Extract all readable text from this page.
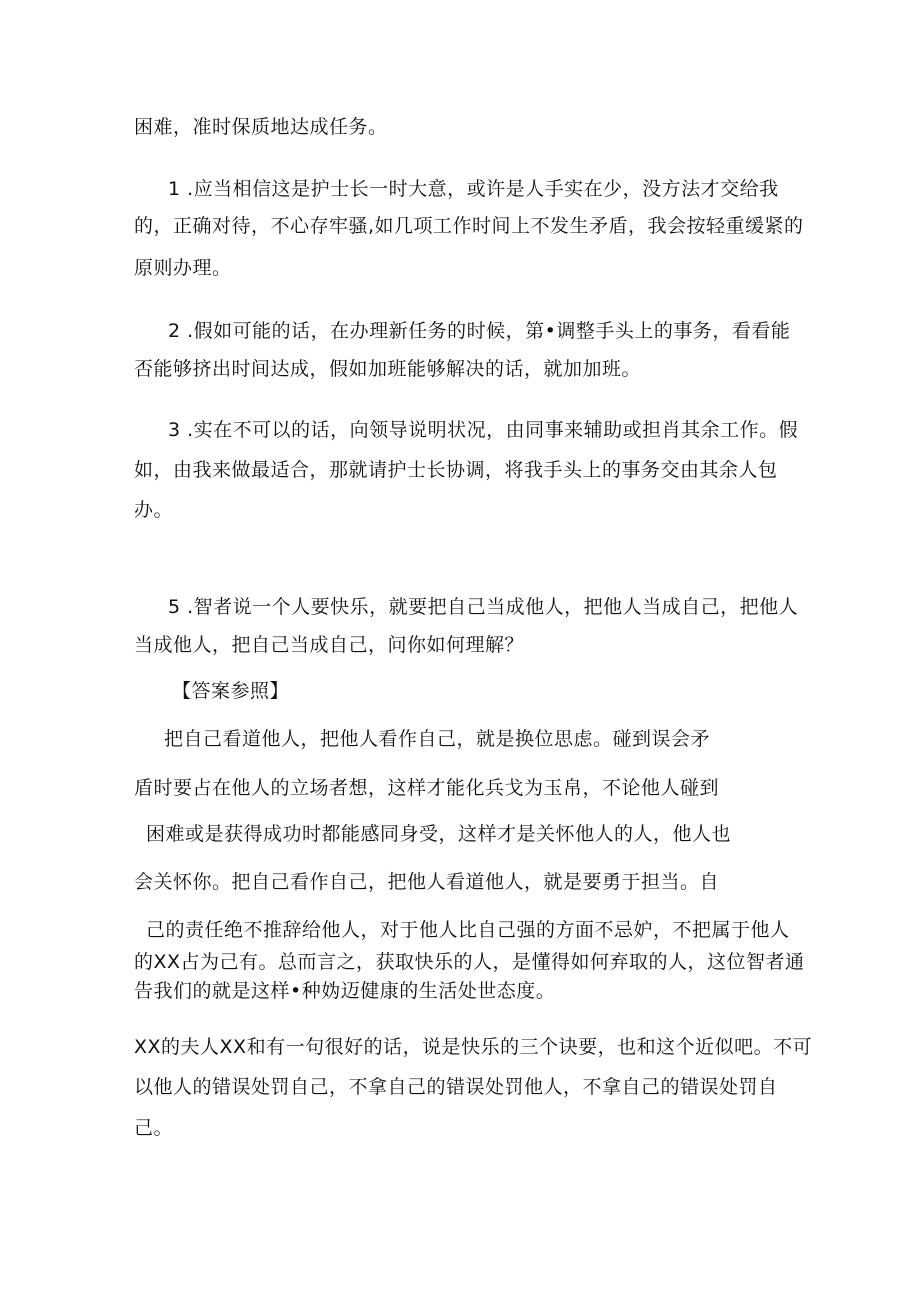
困难，准时保质地达成任务。
1 .应当相信这是护士长一时大意，或许是人手实在少，没方法才交给我
的，正确对待，不心存牢骚,如几项工作时间上不发生矛盾，我会按轻重缓紧的
原则办理。
2 .假如可能的话，在办理新任务的时候，第•调整手头上的事务，看看能
否能够挤出时间达成，假如加班能够解决的话，就加加班。
3 .实在不可以的话，向领导说明状况，由同事来辅助或担肖其余工作。假
如，由我来做最适合，那就请护士长协调，将我手头上的事务交由其余人包
办。
5 .智者说一个人要快乐，就要把自己当成他人，把他人当成自己，把他人
当成他人，把自己当成自己，问你如何理解？
【答案参照】
把自己看道他人，把他人看作自己，就是换位思虑。碰到误会矛
盾时要占在他人的立场者想，这样才能化兵戈为玉帛，不论他人碰到
困难或是获得成功时都能感同身受，这样才是关怀他人的人，他人也
会关怀你。把自己看作自己，把他人看道他人，就是要勇于担当。自
己的责任绝不推辞给他人，对于他人比自己强的方面不忌妒，不把属于他人
的XX占为己有。总而言之，获取快乐的人，是懂得如何弃取的人，这位智者通
告我们的就是这样•种妫迈健康的生活处世态度。
XX的夫人XX和有一句很好的话，说是快乐的三个诀要，也和这个近似吧。不可
以他人的错误处罚自己，不拿自己的错误处罚他人，不拿自己的错误处罚自
己。
